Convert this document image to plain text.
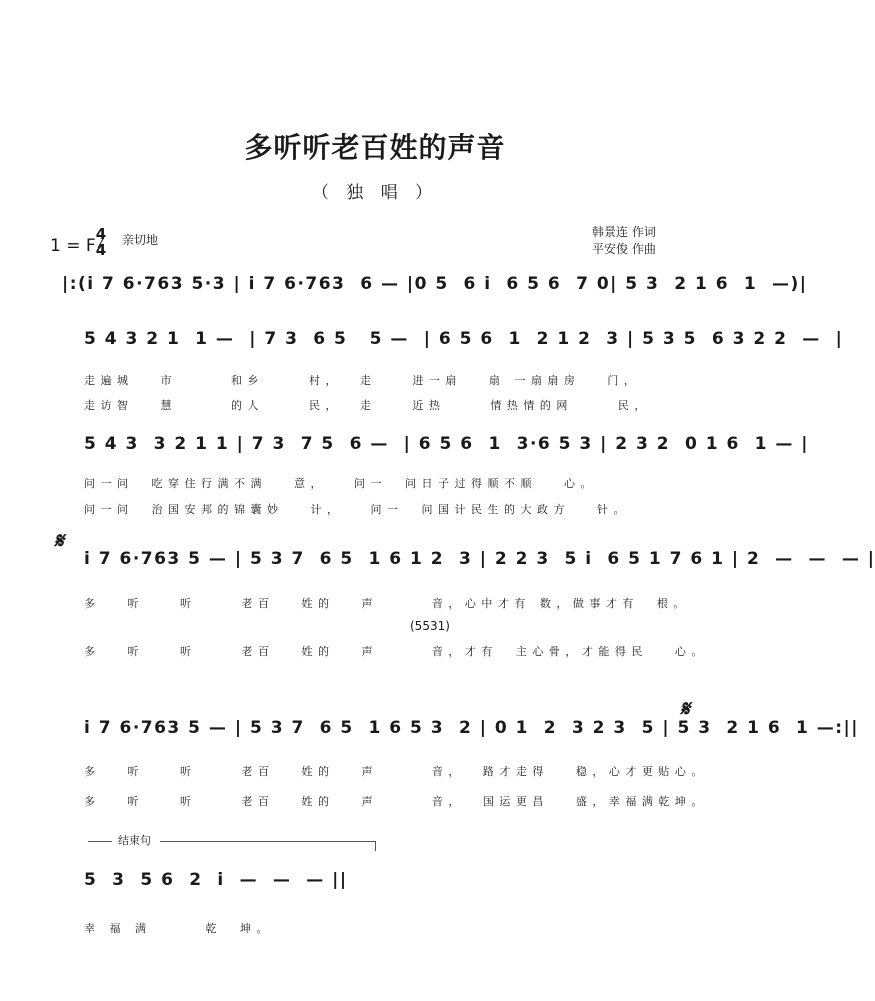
多听听老百姓的声音
（ 独 唱 ）
1 = F
4
4
亲切地
韩景连 作词
平安俊 作曲
|:(i 7 6·763 5·3 | i 7 6·763  6 — |0 5  6 i  6 5 6  7 0| 5 3  2 1 6  1  —)|
5 4 3 2 1  1 —  | 7 3  6 5   5 —  | 6 5 6  1  2 1 2  3 | 5 3 5  6 3 2 2  —  |
走遍城   市      和乡     村，  走    进一扇   扇 一扇扇房   门，
走访智   慧      的人     民，  走    近热     情热情的网     民，
5 4 3  3 2 1 1 | 7 3  7 5  6 —  | 6 5 6  1  3·6 5 3 | 2 3 2  0 1 6  1 — |
问一问  吃穿住行满不满   意，   问一  问日子过得顺不顺   心。
问一问  治国安邦的锦囊妙   计，   问一  问国计民生的大政方   针。
𝄋
i 7 6·763 5 — | 5 3 7  6 5  1 6 1 2  3 | 2 2 3  5 i  6 5 1 7 6 1 | 2  —  —  — |
多   听    听     老百   姓的   声      音，心中才有 数，做事才有  根。
(5531)
多   听    听     老百   姓的   声      音，才有  主心骨，才能得民   心。
i 7 6·763 5 — | 5 3 7  6 5  1 6 5 3  2 | 0 1  2  3 2 3  5 | 5 3  2 1 6  1 —:||
𝄋
多   听    听     老百   姓的   声      音，  路才走得   稳，心才更贴心。
多   听    听     老百   姓的   声      音，  国运更昌   盛，幸福满乾坤。
结束句
5  3  5 6  2  i  —  —  — ||
幸 福 满      乾  坤。
